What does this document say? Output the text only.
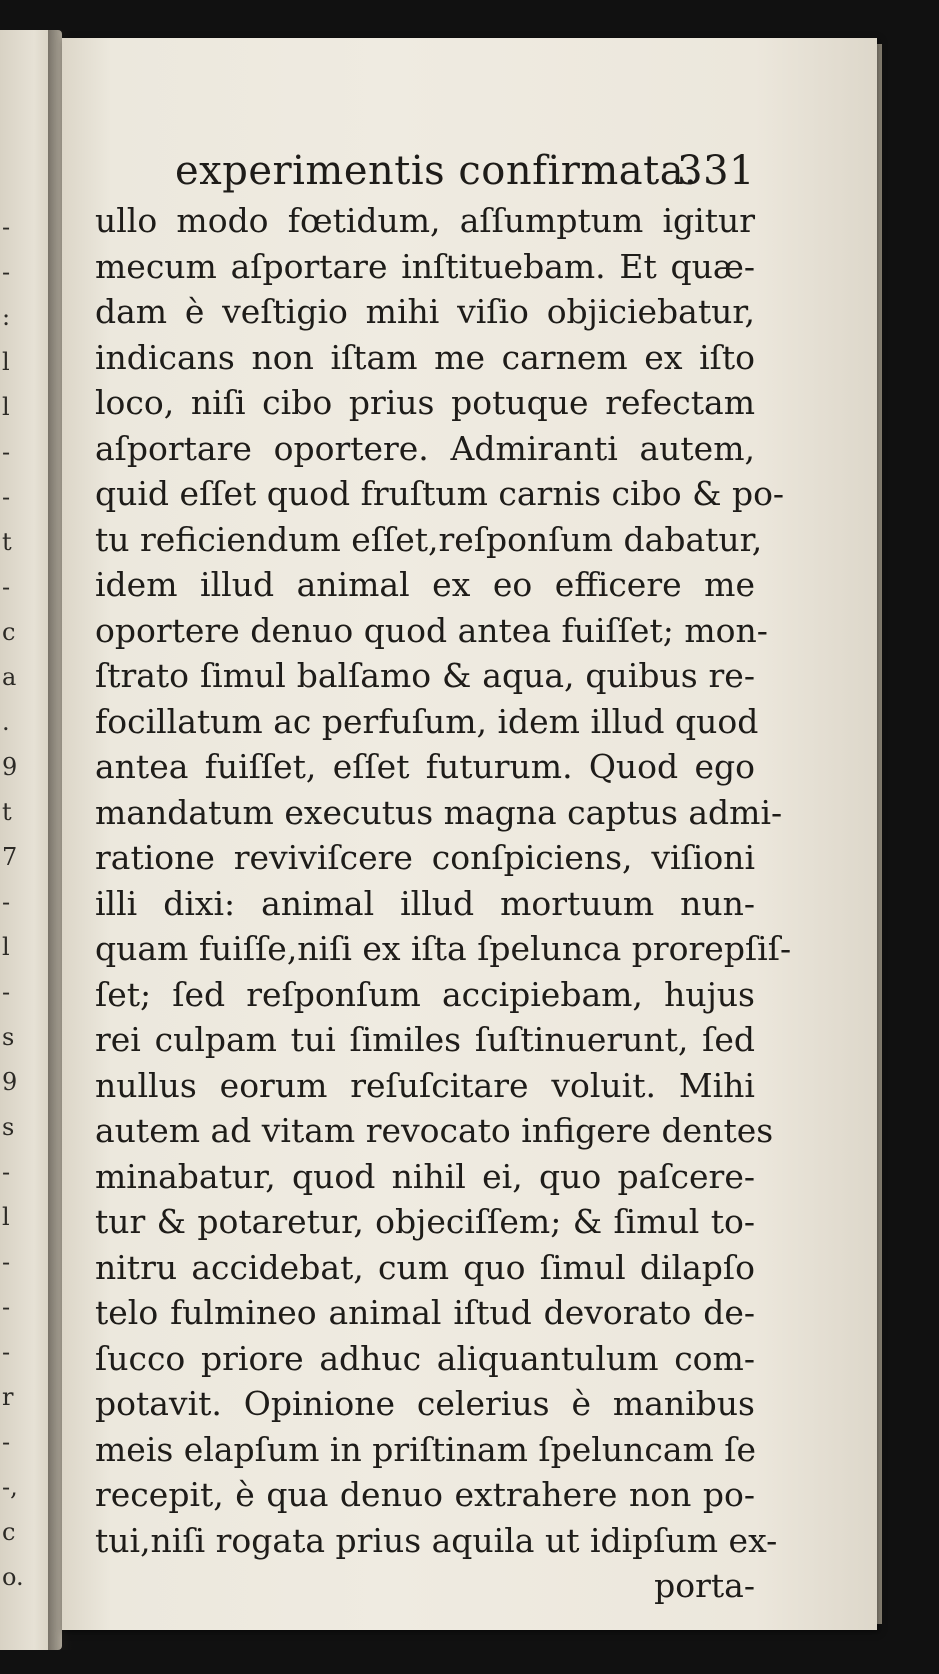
-
-
:
l
l
-
-
t
-
c
a
.
9
t
7
-
l
-
s
9
s
-
l
-
-
-
r
-
-,
c
o.
experimentis confirmata.
331
ullo modo fœtidum, aſſumptum igitur
mecum aſportare inſtituebam. Et quæ-
dam è veſtigio mihi viſio objiciebatur,
indicans non iſtam me carnem ex iſto
loco, niſi cibo prius potuque refectam
aſportare oportere. Admiranti autem,
quid eſſet quod fruſtum carnis cibo & po-
tu reficiendum eſſet,reſponſum dabatur,
idem illud animal ex eo efficere me
oportere denuo quod antea fuiſſet; mon-
ſtrato ſimul balſamo & aqua, quibus re-
focillatum ac perfuſum, idem illud quod
antea fuiſſet, eſſet futurum. Quod ego
mandatum executus magna captus admi-
ratione reviviſcere conſpiciens, viſioni
illi dixi: animal illud mortuum nun-
quam fuiſſe,niſi ex iſta ſpelunca prorepſiſ-
ſet; ſed reſponſum accipiebam, hujus
rei culpam tui ſimiles ſuſtinuerunt, ſed
nullus eorum reſuſcitare voluit. Mihi
autem ad vitam revocato infigere dentes
minabatur, quod nihil ei, quo paſcere-
tur & potaretur, objeciſſem; & ſimul to-
nitru accidebat, cum quo ſimul dilapſo
telo fulmineo animal iſtud devorato de-
ſucco priore adhuc aliquantulum com-
potavit. Opinione celerius è manibus
meis elapſum in priſtinam ſpeluncam ſe
recepit, è qua denuo extrahere non po-
tui,niſi rogata prius aquila ut idipſum ex-
porta-
